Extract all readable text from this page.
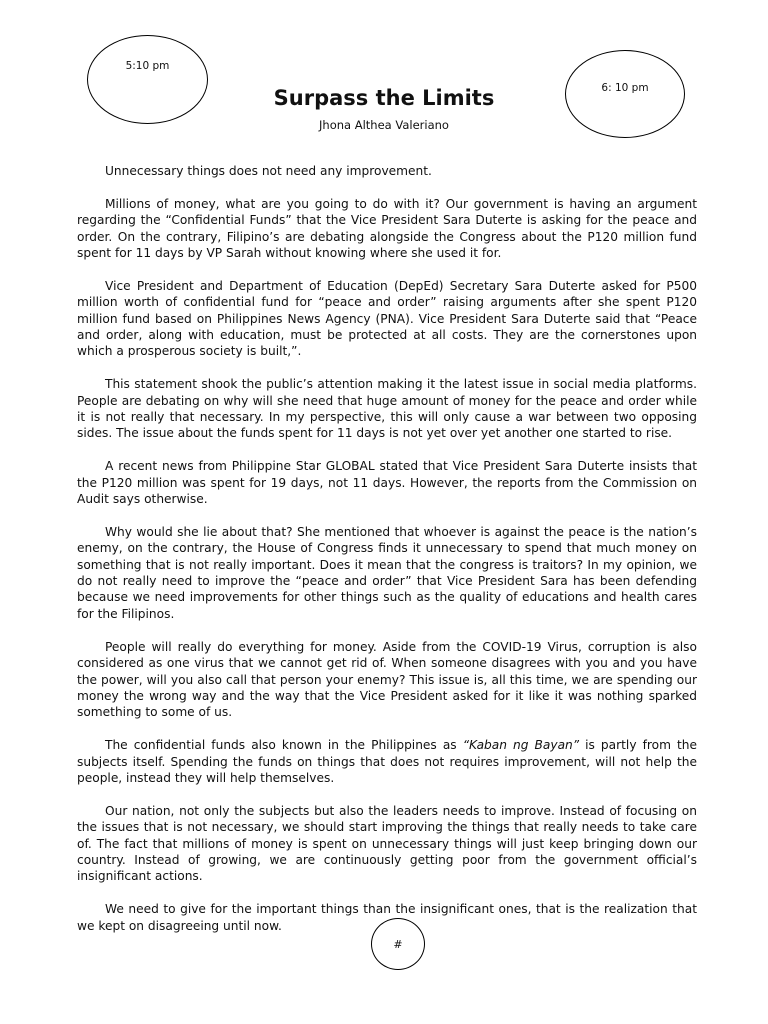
5:10 pm
6: 10 pm
Surpass the Limits
Jhona Althea Valeriano

Unnecessary things does not need any improvement.

Millions of money, what are you going to do with it? Our government is having an argument regarding the “Confidential Funds” that the Vice President Sara Duterte is asking for the peace and order. On the contrary, Filipino’s are debating alongside the Congress about the P120 million fund spent for 11 days by VP Sarah without knowing where she used it for.

Vice President and Department of Education (DepEd) Secretary Sara Duterte asked for P500 million worth of confidential fund for “peace and order” raising arguments after she spent P120 million fund based on Philippines News Agency (PNA). Vice President Sara Duterte said that “Peace and order, along with education, must be protected at all costs. They are the cornerstones upon which a prosperous society is built,”.

This statement shook the public’s attention making it the latest issue in social media platforms. People are debating on why will she need that huge amount of money for the peace and order while it is not really that necessary. In my perspective, this will only cause a war between two opposing sides. The issue about the funds spent for 11 days is not yet over yet another one started to rise.

A recent news from Philippine Star GLOBAL stated that Vice President Sara Duterte insists that the P120 million was spent for 19 days, not 11 days. However, the reports from the Commission on Audit says otherwise.

Why would she lie about that? She mentioned that whoever is against the peace is the nation’s enemy, on the contrary, the House of Congress finds it unnecessary to spend that much money on something that is not really important. Does it mean that the congress is traitors? In my opinion, we do not really need to improve the “peace and order” that Vice President Sara has been defending because we need improvements for other things such as the quality of educations and health cares for the Filipinos.

People will really do everything for money. Aside from the COVID-19 Virus, corruption is also considered as one virus that we cannot get rid of. When someone disagrees with you and you have the power, will you also call that person your enemy? This issue is, all this time, we are spending our money the wrong way and the way that the Vice President asked for it like it was nothing sparked something to some of us.

The confidential funds also known in the Philippines as “Kaban ng Bayan” is partly from the subjects itself. Spending the funds on things that does not requires improvement, will not help the people, instead they will help themselves.

Our nation, not only the subjects but also the leaders needs to improve. Instead of focusing on the issues that is not necessary, we should start improving the things that really needs to take care of. The fact that millions of money is spent on unnecessary things will just keep bringing down our country. Instead of growing, we are continuously getting poor from the government official’s insignificant actions.

We need to give for the important things than the insignificant ones, that is the realization that we kept on disagreeing until now.

#
